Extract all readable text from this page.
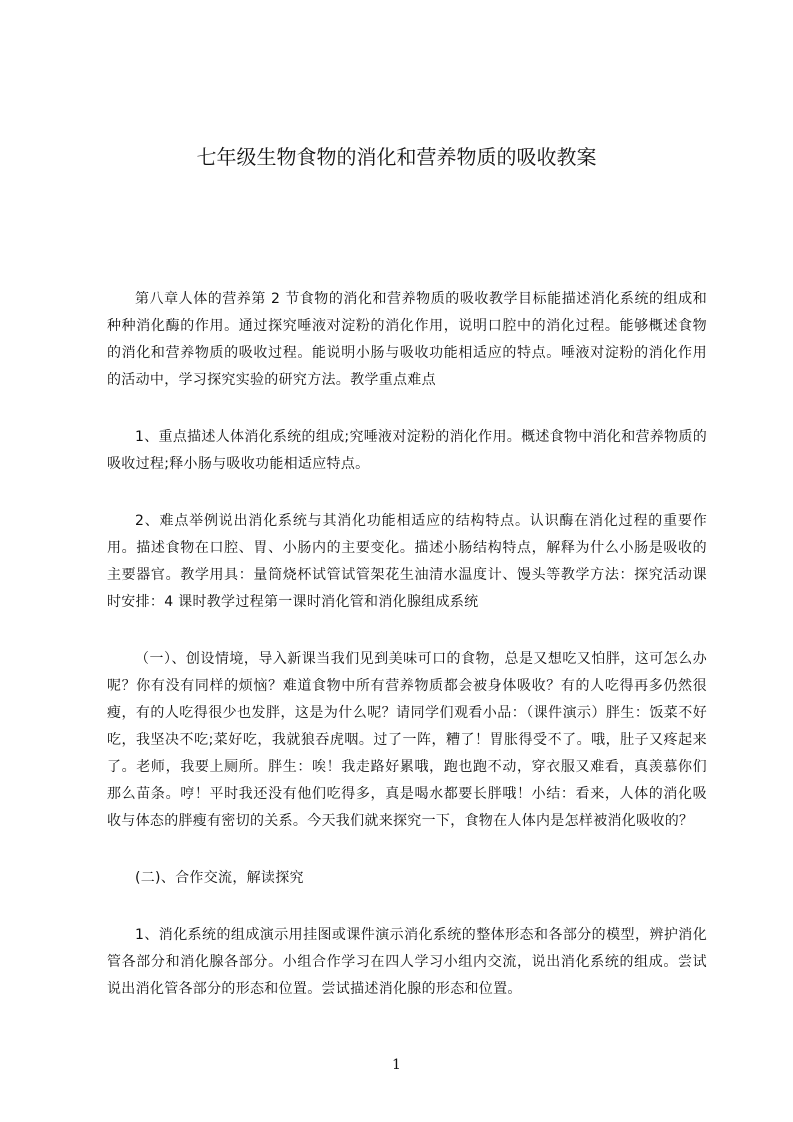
七年级生物食物的消化和营养物质的吸收教案

第八章人体的营养第 2 节食物的消化和营养物质的吸收教学目标能描述消化系统的组成和种种消化酶的作用。通过探究唾液对淀粉的消化作用，说明口腔中的消化过程。能够概述食物的消化和营养物质的吸收过程。能说明小肠与吸收功能相适应的特点。唾液对淀粉的消化作用的活动中，学习探究实验的研究方法。教学重点难点

1、重点描述人体消化系统的组成;究唾液对淀粉的消化作用。概述食物中消化和营养物质的吸收过程;释小肠与吸收功能相适应特点。

2、难点举例说出消化系统与其消化功能相适应的结构特点。认识酶在消化过程的重要作用。描述食物在口腔、胃、小肠内的主要变化。描述小肠结构特点，解释为什么小肠是吸收的主要器官。教学用具：量筒烧杯试管试管架花生油清水温度计、馒头等教学方法：探究活动课时安排：4 课时教学过程第一课时消化管和消化腺组成系统

（一）、创设情境，导入新课当我们见到美味可口的食物，总是又想吃又怕胖，这可怎么办呢？你有没有同样的烦恼？难道食物中所有营养物质都会被身体吸收？有的人吃得再多仍然很瘦，有的人吃得很少也发胖，这是为什么呢？请同学们观看小品：（课件演示）胖生：饭菜不好吃，我坚决不吃;菜好吃，我就狼吞虎咽。过了一阵，糟了！胃胀得受不了。哦，肚子又疼起来了。老师，我要上厕所。胖生：唉！我走路好累哦，跑也跑不动，穿衣服又难看，真羡慕你们那么苗条。哼！平时我还没有他们吃得多，真是喝水都要长胖哦！小结：看来，人体的消化吸收与体态的胖瘦有密切的关系。今天我们就来探究一下，食物在人体内是怎样被消化吸收的？

(二)、合作交流，解读探究

1、消化系统的组成演示用挂图或课件演示消化系统的整体形态和各部分的模型，辨护消化管各部分和消化腺各部分。小组合作学习在四人学习小组内交流，说出消化系统的组成。尝试说出消化管各部分的形态和位置。尝试描述消化腺的形态和位置。

1
